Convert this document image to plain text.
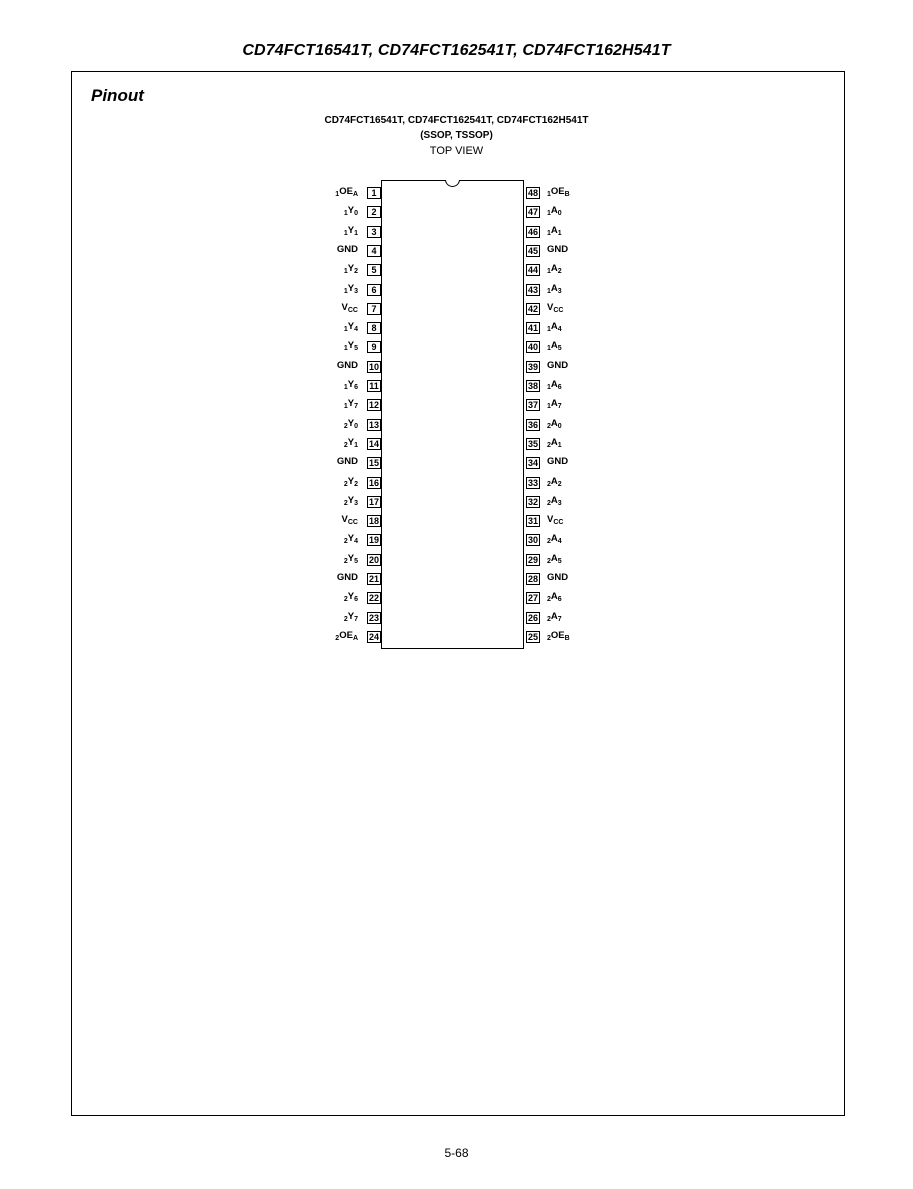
CD74FCT16541T, CD74FCT162541T, CD74FCT162H541T
Pinout
CD74FCT16541T, CD74FCT162541T, CD74FCT162H541T
(SSOP, TSSOP)
TOP VIEW
1
$_1OE_A$
2
$_1Y_0$
3
$_1Y_1$
4
GND
5
$_1Y_2$
6
$_1Y_3$
7
$V_{CC}$
8
$_1Y_4$
9
$_1Y_5$
10
GND
11
$_1Y_6$
12
$_1Y_7$
13
$_2Y_0$
14
$_2Y_1$
15
GND
16
$_2Y_2$
17
$_2Y_3$
18
$V_{CC}$
19
$_2Y_4$
20
$_2Y_5$
21
GND
22
$_2Y_6$
23
$_2Y_7$
24
$_2OE_A$
48 $_1OE_B$
47 $_1A_0$
46 $_1A_1$
45 GND
44 $_1A_2$
43 $_1A_3$
42 $V_{CC}$
41 $_1A_4$
40 $_1A_5$
39 GND
38 $_1A_6$
37 $_1A_7$
36 $_2A_0$
35 $_2A_1$
34 GND
33 $_2A_2$
32 $_2A_3$
31 $V_{CC}$
30 $_2A_4$
29 $_2A_5$
28 GND
27 $_2A_6$
26 $_2A_7$
25 $_2OE_B$
5-68
